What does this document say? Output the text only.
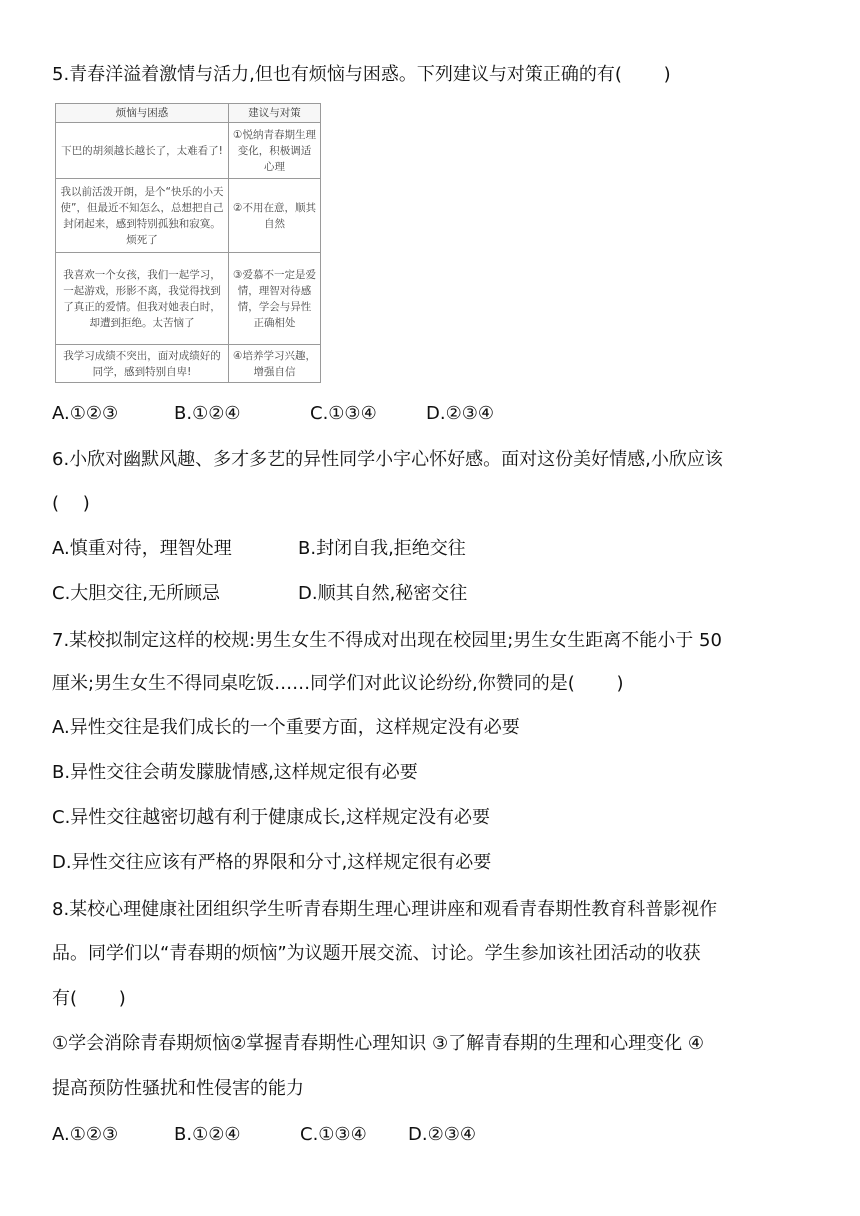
5.青春洋溢着激情与活力,但也有烦恼与困惑。下列建议与对策正确的有(　　 )
烦恼与困惑	建议与对策
下巴的胡须越长越长了，太难看了!	①悦纳青春期生理变化，积极调适心理
我以前活泼开朗，是个“快乐的小天使”，但最近不知怎么，总想把自己封闭起来，感到特别孤独和寂寞。烦死了	②不用在意，顺其自然
我喜欢一个女孩，我们一起学习，一起游戏，形影不离，我觉得找到了真正的爱情。但我对她表白时，却遭到拒绝。太苦恼了	③爱慕不一定是爱情，理智对待感情，学会与异性正确相处
我学习成绩不突出，面对成绩好的同学，感到特别自卑!	④培养学习兴趣，增强自信
A.①②③	B.①②④	C.①③④	D.②③④
6.小欣对幽默风趣、多才多艺的异性同学小宇心怀好感。面对这份美好情感,小欣应该
(　 )
A.慎重对待，理智处理	B.封闭自我,拒绝交往
C.大胆交往,无所顾忌	D.顺其自然,秘密交往
7.某校拟制定这样的校规:男生女生不得成对出现在校园里;男生女生距离不能小于 50
厘米;男生女生不得同桌吃饭……同学们对此议论纷纷,你赞同的是(　　 )
A.异性交往是我们成长的一个重要方面，这样规定没有必要
B.异性交往会萌发朦胧情感,这样规定很有必要
C.异性交往越密切越有利于健康成长,这样规定没有必要
D.异性交往应该有严格的界限和分寸,这样规定很有必要
8.某校心理健康社团组织学生听青春期生理心理讲座和观看青春期性教育科普影视作
品。同学们以“青春期的烦恼”为议题开展交流、讨论。学生参加该社团活动的收获
有(　　 )
①学会消除青春期烦恼②掌握青春期性心理知识 ③了解青春期的生理和心理变化 ④
提高预防性骚扰和性侵害的能力
A.①②③	B.①②④	C.①③④ D.②③④
